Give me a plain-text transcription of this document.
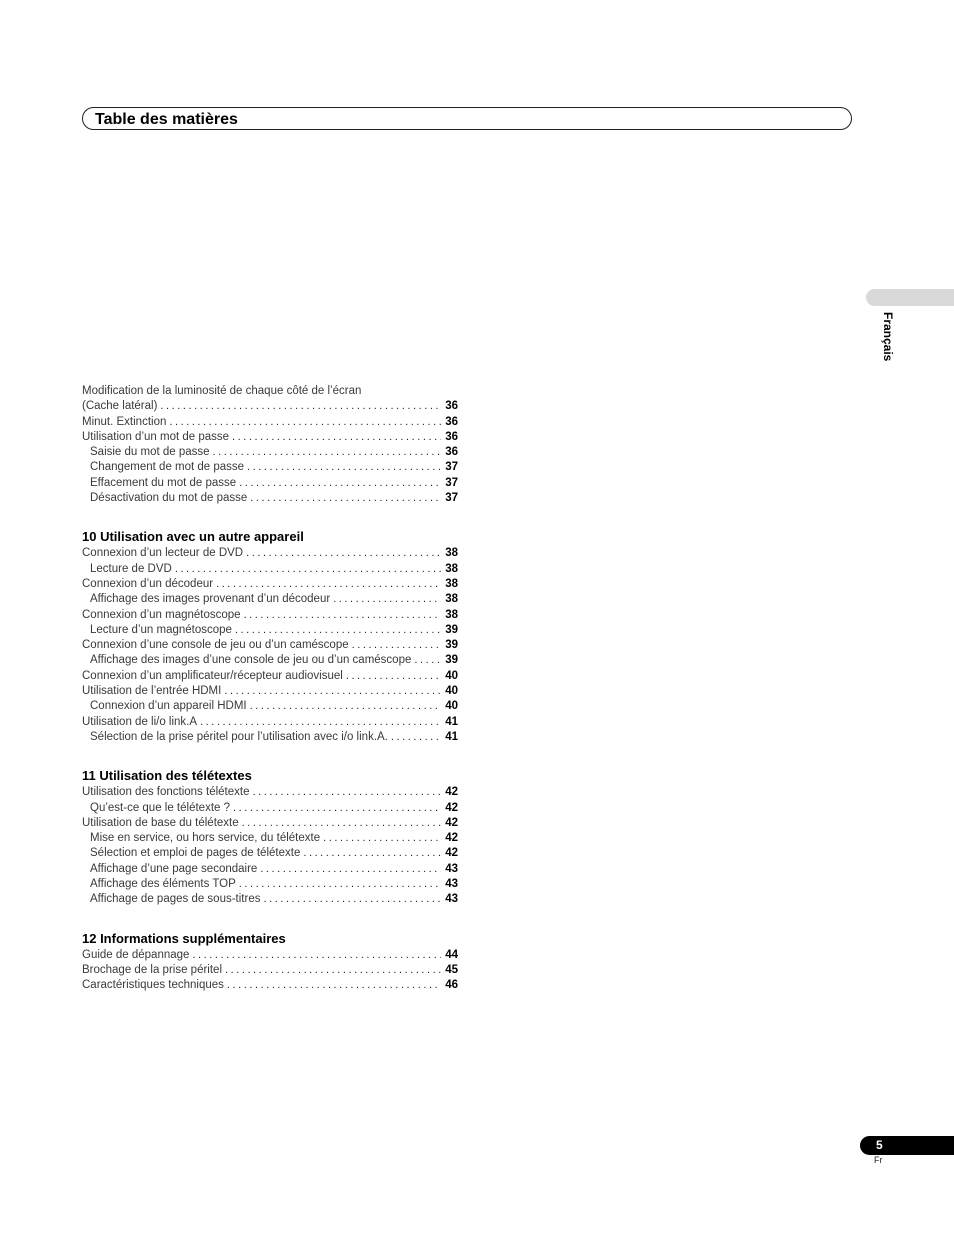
Table des matières
Français
Modification de la luminosité de chaque côté de l’écran
(Cache latéral) . . .	36
Minut. Extinction . . .	36
Utilisation d’un mot de passe . . .	36
Saisie du mot de passe . . .	36
Changement de mot de passe . . .	37
Effacement du mot de passe . . .	37
Désactivation du mot de passe . . .	37
10 Utilisation avec un autre appareil
Connexion d’un lecteur de DVD . . .	38
Lecture de DVD . . .	38
Connexion d’un décodeur . . .	38
Affichage des images provenant d’un décodeur . . .	38
Connexion d’un magnétoscope . . .	38
Lecture d’un magnétoscope . . .	39
Connexion d’une console de jeu ou d’un caméscope . . .	39
Affichage des images d’une console de jeu ou d’un caméscope . . .	39
Connexion d’un amplificateur/récepteur audiovisuel . . .	40
Utilisation de l’entrée HDMI . . .	40
Connexion d’un appareil HDMI . . .	40
Utilisation de li/o link.A . . .	41
Sélection de la prise péritel pour l’utilisation avec i/o link.A. . . .	41
11 Utilisation des télétextes
Utilisation des fonctions télétexte . . .	42
Qu’est-ce que le télétexte ? . . .	42
Utilisation de base du télétexte . . .	42
Mise en service, ou hors service, du télétexte . . .	42
Sélection et emploi de pages de télétexte . . .	42
Affichage d’une page secondaire . . .	43
Affichage des éléments TOP . . .	43
Affichage de pages de sous-titres . . .	43
12 Informations supplémentaires
Guide de dépannage . . .	44
Brochage de la prise péritel . . .	45
Caractéristiques techniques . . .	46
5
Fr
